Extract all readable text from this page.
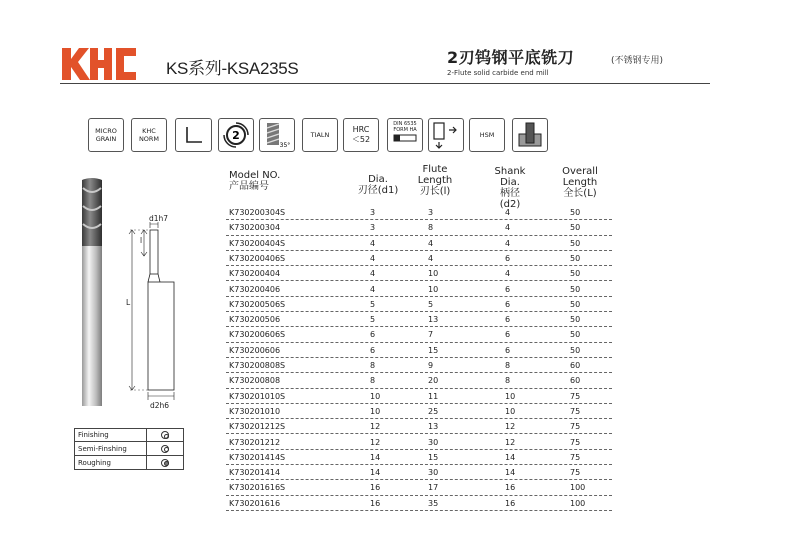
KS系列-KSA235S
2刃钨钢平底铣刀	(不锈钢专用)
2-Flute solid carbide end mill
MICRO
GRAIN
KHC
NORM	2
35°
TIALN
HRC
＜52
DIN 6535
FORM HA
HSM
d1h7
d2h6
L
l
Model NO.
产品编号
Dia.
刃径(d1)
Flute Length
刃长(l)
Shank Dia.
柄径(d2)
Overall Length
全长(L)
K730200304S	3	3	4	50
K730200304	3	8	4	50
K730200404S	4	4	4	50
K730200406S	4	4	6	50
K730200404	4	10	4	50
K730200406	4	10	6	50
K730200506S	5	5	6	50
K730200506	5	13	6	50
K730200606S	6	7	6	50
K730200606	6	15	6	50
K730200808S	8	9	8	60
K730200808	8	20	8	60
K730201010S	10	11	10	75
K730201010	10	25	10	75
K730201212S	12	13	12	75
K730201212	12	30	12	75
K730201414S	14	15	14	75
K730201414	14	30	14	75
K730201616S	16	17	16	100
K730201616	16	35	16	100
Finishing
Semi-Finshing
Roughing
